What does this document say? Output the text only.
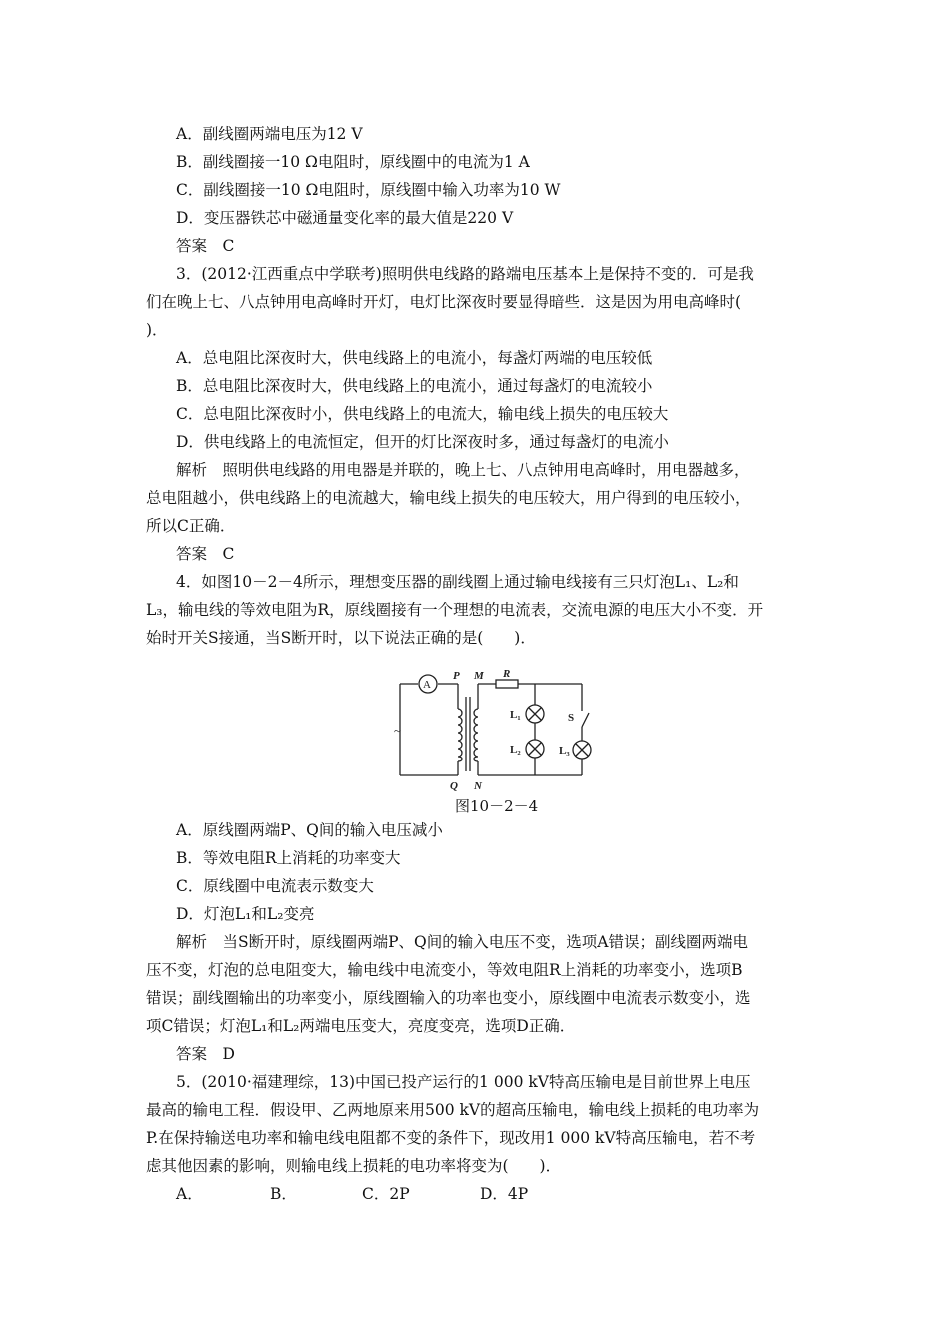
A．副线圈两端电压为12 V
B．副线圈接一10 Ω电阻时，原线圈中的电流为1 A
C．副线圈接一10 Ω电阻时，原线圈中输入功率为10 W
D．变压器铁芯中磁通量变化率的最大值是220 V
答案　C
3．(2012·江西重点中学联考)照明供电线路的路端电压基本上是保持不变的．可是我
们在晚上七、八点钟用电高峰时开灯，电灯比深夜时要显得暗些．这是因为用电高峰时(
)．
A．总电阻比深夜时大，供电线路上的电流小，每盏灯两端的电压较低
B．总电阻比深夜时大，供电线路上的电流小，通过每盏灯的电流较小
C．总电阻比深夜时小，供电线路上的电流大，输电线上损失的电压较大
D．供电线路上的电流恒定，但开的灯比深夜时多，通过每盏灯的电流小
解析　照明供电线路的用电器是并联的，晚上七、八点钟用电高峰时，用电器越多，
总电阻越小，供电线路上的电流越大，输电线上损失的电压较大，用户得到的电压较小，
所以C正确．
答案　C
4．如图10－2－4所示，理想变压器的副线圈上通过输电线接有三只灯泡L₁、L₂和
L₃，输电线的等效电阻为R，原线圈接有一个理想的电流表，交流电源的电压大小不变．开
始时开关S接通，当S断开时，以下说法正确的是(　　)．
A
P M R
Q N
L₁
L₂	L₃
S
~
图10－2－4
A．原线圈两端P、Q间的输入电压减小
B．等效电阻R上消耗的功率变大
C．原线圈中电流表示数变大
D．灯泡L₁和L₂变亮
解析　当S断开时，原线圈两端P、Q间的输入电压不变，选项A错误；副线圈两端电
压不变，灯泡的总电阻变大，输电线中电流变小，等效电阻R上消耗的功率变小，选项B
错误；副线圈输出的功率变小，原线圈输入的功率也变小，原线圈中电流表示数变小，选
项C错误；灯泡L₁和L₂两端电压变大，亮度变亮，选项D正确．
答案　D
5．(2010·福建理综，13)中国已投产运行的1 000 kV特高压输电是目前世界上电压
最高的输电工程．假设甲、乙两地原来用500 kV的超高压输电，输电线上损耗的电功率为
P.在保持输送电功率和输电线电阻都不变的条件下，现改用1 000 kV特高压输电，若不考
虑其他因素的影响，则输电线上损耗的电功率将变为(　　)．
A．	B．	C．2P	D．4P
